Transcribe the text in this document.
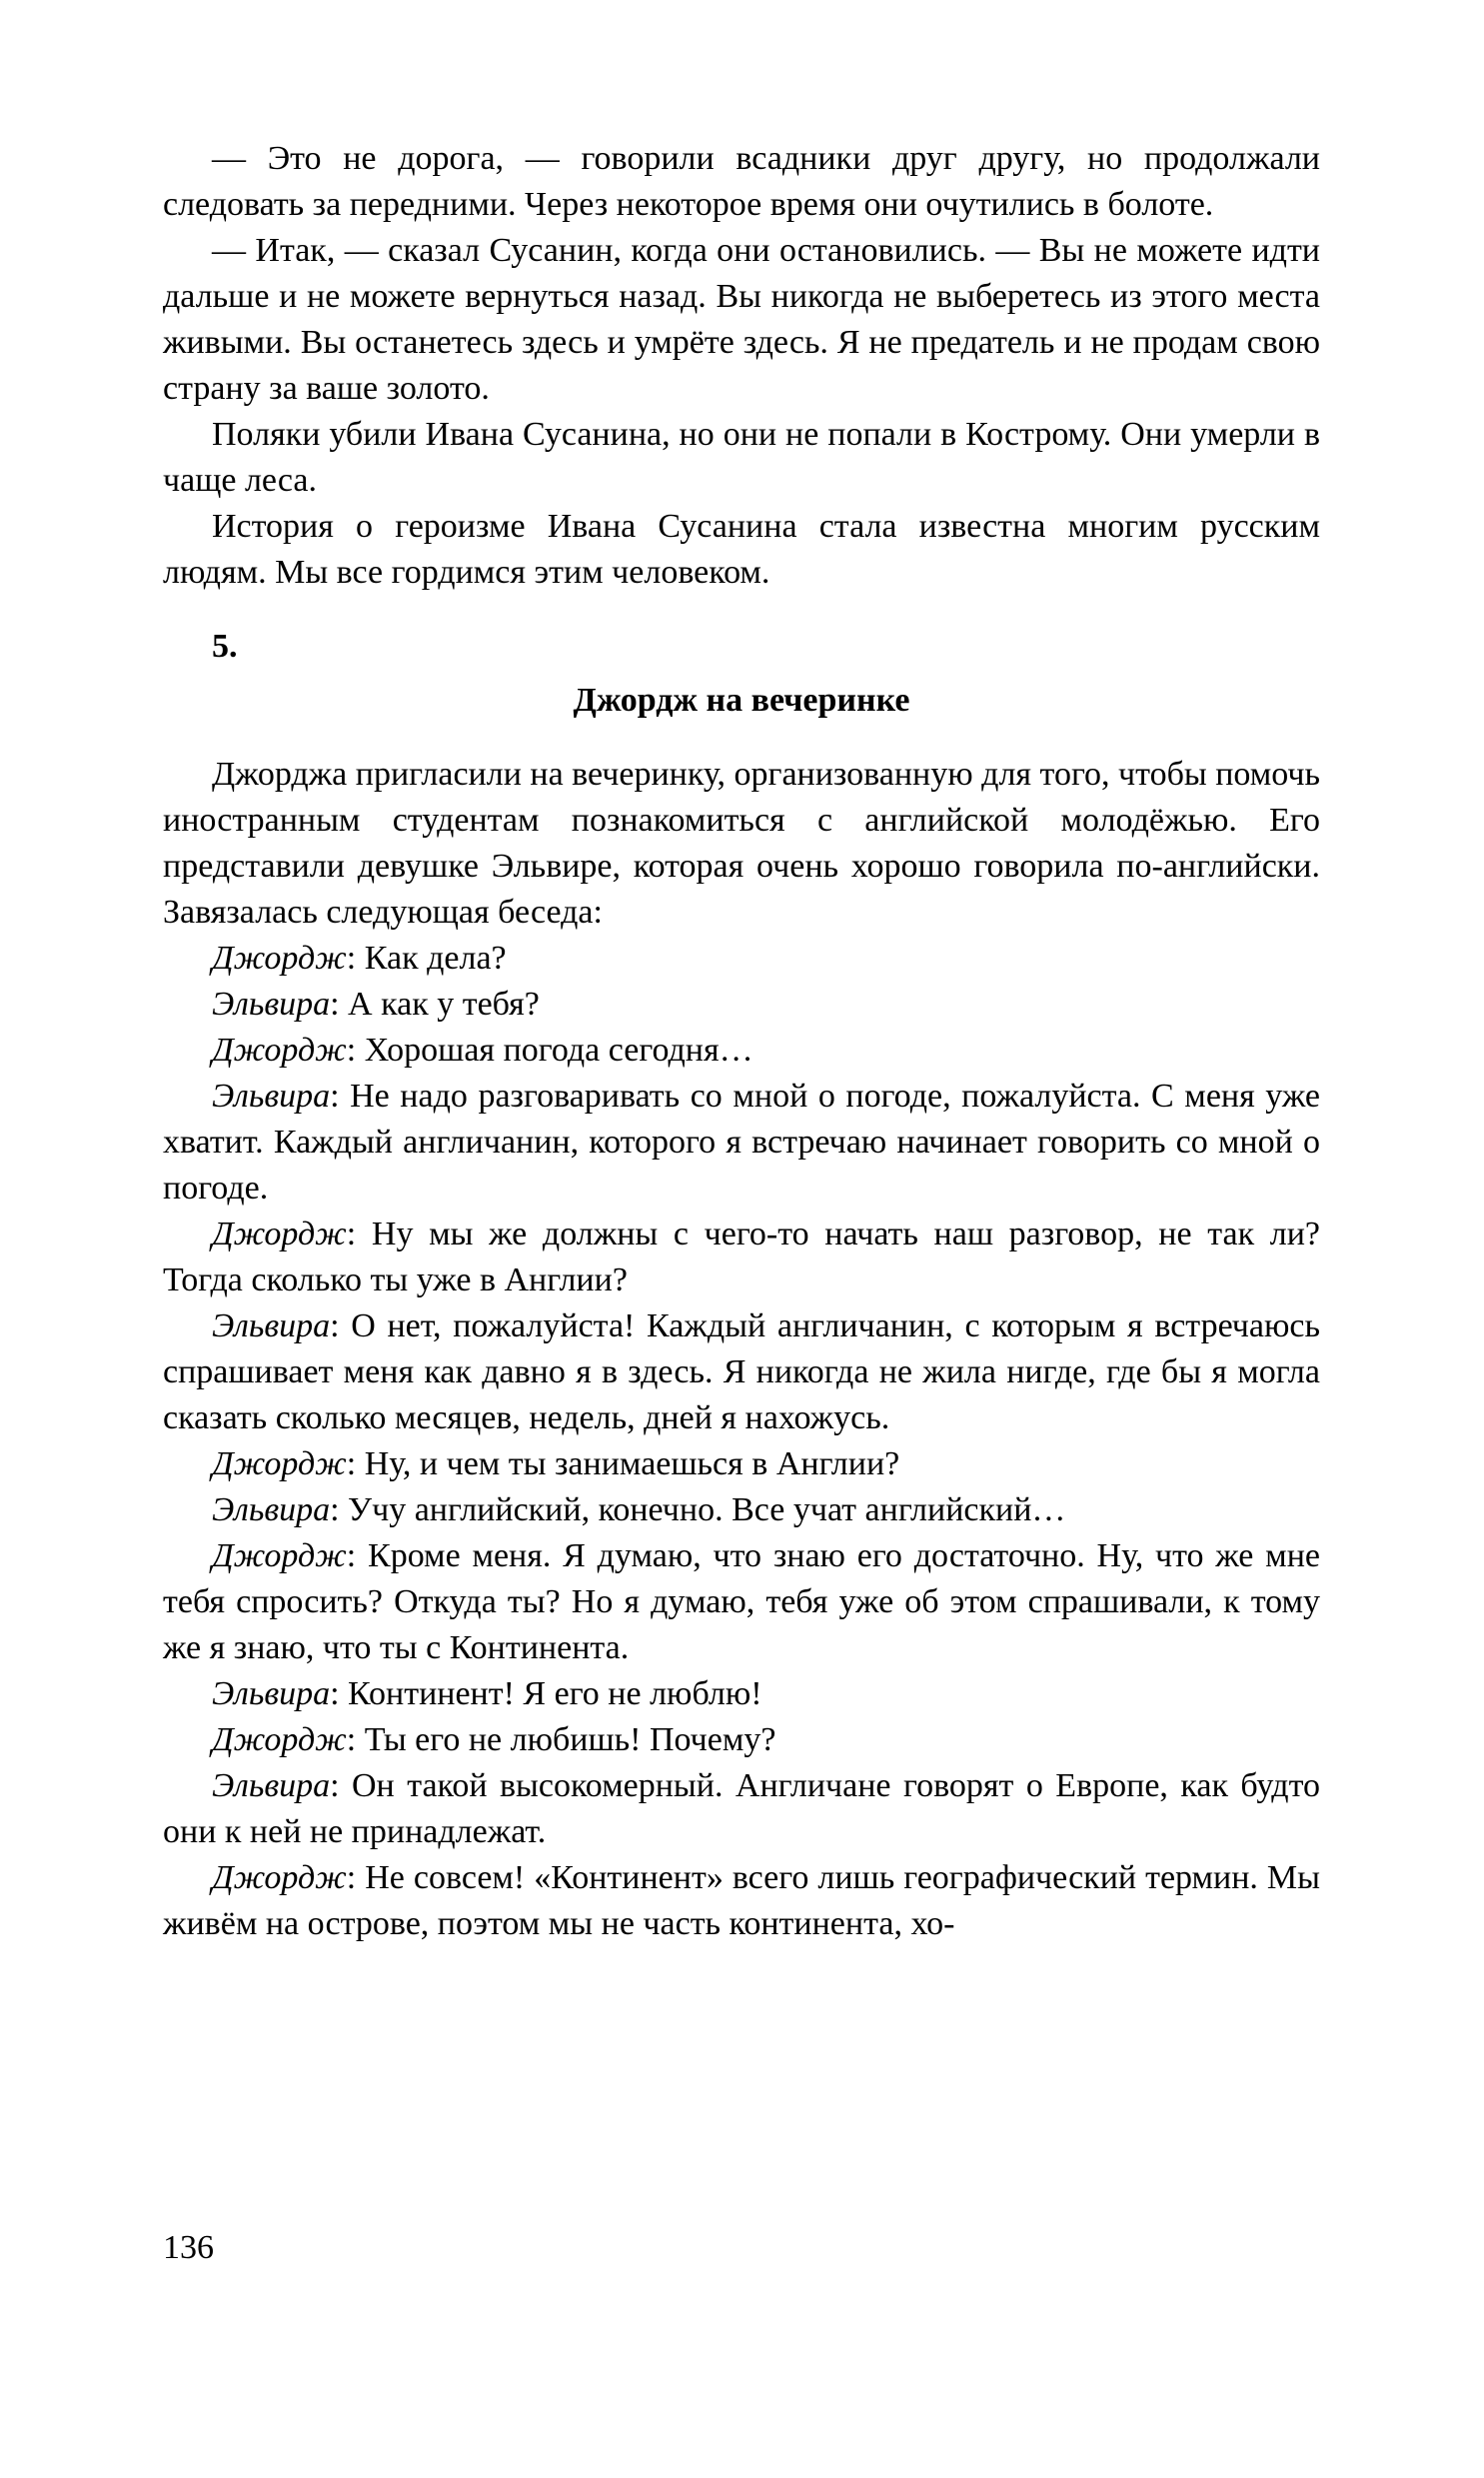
— Это не дорога, — говорили всадники друг другу, но продолжали следовать за передними. Через некоторое время они очутились в болоте.

— Итак, — сказал Сусанин, когда они остановились. — Вы не можете идти дальше и не можете вернуться назад. Вы никогда не выберетесь из этого места живыми. Вы останетесь здесь и умрёте здесь. Я не предатель и не продам свою страну за ваше золото.

Поляки убили Ивана Сусанина, но они не попали в Кострому. Они умерли в чаще леса.

История о героизме Ивана Сусанина стала известна многим русским людям. Мы все гордимся этим человеком.

5.

Джордж на вечеринке

Джорджа пригласили на вечеринку, организованную для того, чтобы помочь иностранным студентам познакомиться с английской молодёжью. Его представили девушке Эльвире, которая очень хорошо говорила по-английски. Завязалась следующая беседа:

Джордж: Как дела?

Эльвира: А как у тебя?

Джордж: Хорошая погода сегодня…

Эльвира: Не надо разговаривать со мной о погоде, пожалуйста. С меня уже хватит. Каждый англичанин, которого я встречаю начинает говорить со мной о погоде.

Джордж: Ну мы же должны с чего-то начать наш разговор, не так ли? Тогда сколько ты уже в Англии?

Эльвира: О нет, пожалуйста! Каждый англичанин, с которым я встречаюсь спрашивает меня как давно я в здесь. Я никогда не жила нигде, где бы я могла сказать сколько месяцев, недель, дней я нахожусь.

Джордж: Ну, и чем ты занимаешься в Англии?

Эльвира: Учу английский, конечно. Все учат английский…

Джордж: Кроме меня. Я думаю, что знаю его достаточно. Ну, что же мне тебя спросить? Откуда ты? Но я думаю, тебя уже об этом спрашивали, к тому же я знаю, что ты с Континента.

Эльвира: Континент! Я его не люблю!

Джордж: Ты его не любишь! Почему?

Эльвира: Он такой высокомерный. Англичане говорят о Европе, как будто они к ней не принадлежат.

Джордж: Не совсем! «Континент» всего лишь географический термин. Мы живём на острове, поэтом мы не часть континента, хо-

136
